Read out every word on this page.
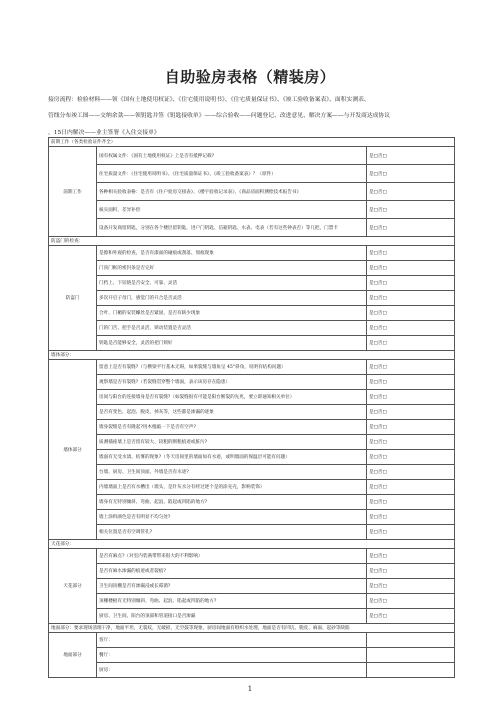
自助验房表格（精装房）
接房流程：检验材料——领《国有土地使用权证》、《住宅使用说明书》、《住宅质量保证书》、《竣工验收备案表》、面积实测表、
管线分布竣工图——交纳余款——领钥匙并签《钥匙接收单》——综合验收——问题登记、改进意见、解决方案——与开发商达成协议
，15日内解决——业主签署《入住交接单》
前期工作（各类检验证件齐全）		
前期工作	国有权属文件：《国有土地使用权证》上是否有抵押记载?	是□否□
	住宅质量文件：《住宅使用说明书》、《住宅质量保证书》、《竣工验收备案表》？（原件）	是□否□
	各种相关验收表格：是否有《住户验房交接表》、《楼宇验收记录表》、《商品房面积测绘技术报告书》	是□否□
	核实面积，差异补偿	是□否□
	设备开发商留钥匙，分别在各个楼层留钥匙，进户门钥匙、信箱钥匙、水表、电表（若有这些钟表否）等几把，门禁卡	是□否□
防盗门的检查：		
防盗门	是擦和外观的检查，是否有漆面的碰痕或刮落、划痕现象	是□否□
	门顶门框的密封条是否完好	是□否□
	门档上、下铰链是否安全、可靠、灵活	是□否□
	多次开启子母门，感觉门的开合是否灵活	是□否□
	合叶、门楣的安装螺丝是否紧固，是否有缺少现象	是□否□
	门的门舌、把手是否灵活，锁动装置是否灵活	是□否□
	钥匙是否能够安全，灵活的把门锁好	是□否□
墙体部分：		
墙体部分	留意上是否有裂缝?（与横梁平行基本无碍，如果裂缝与墙角呈 45°斜角，说明有结构问题）	是□否□
	观察墙是否有裂缝?（若裂缝贯穿整个墙面，表示该房存在隐患）	是□否□
	房间与阳台的连接墙身是否有裂缝?（如裂缝很有可能是阳台断裂的先兆，要立即通知相关单位）	是□否□
	是否有变色、起泡、脱皮、掉灰等，这些都是渗漏的迹象	是□否□
	墙身裂缝是否有隆起?用木棍敲一下是否有空声?	是□否□
	质测插座墙上是否留有较大、较粗的断粗痕迹或脏污?	是□否□
	墙面有无受水渍、结雾的现象?（冬天房间里的墙面如有水迹，或明墙面的保温层可能有问题）	是□否□
	台墙、厨房、卫生间顶面、外墙是否有水迹?	是□否□
	内墙墙面上是否有水槽出（墙头，是针灰水分有经过逐个是的涂壳壳，影响装饰）	是□否□
	墙身有无特别倾斜、弯曲、起浪、陷起或凹陷的地方?	是□否□
	墙上涂料颜色是否有明显不均匀处?	是□否□
	相关位置是否有空调管孔?	是□否□
天花部分：		
天花部分	是否有麻点?（对室内装满带带来很大的不利影响）	是□否□
	是否有麻水渗漏的痕迹或者裂痕?	是□否□
	卫生间顶棚是否有渗漏浸或长霉菌?	是□否□
	顶棚楼板有无特别倾斜、弯曲、起浪、陷起或凹陷的地方?	是□否□
	厨房、卫生间、阳台的顶部和管道接口是否渗漏	是□否□
地面部分：要求现场清理干净，地面平坦，无裂纹，无破损，无空鼓等现象，厨房间地面有组织水处理，地面是否有凹坑、脱皮、麻面、起砂等缺陷		
地面部分	客厅：	
	餐厅：	
	厨房：	
1
